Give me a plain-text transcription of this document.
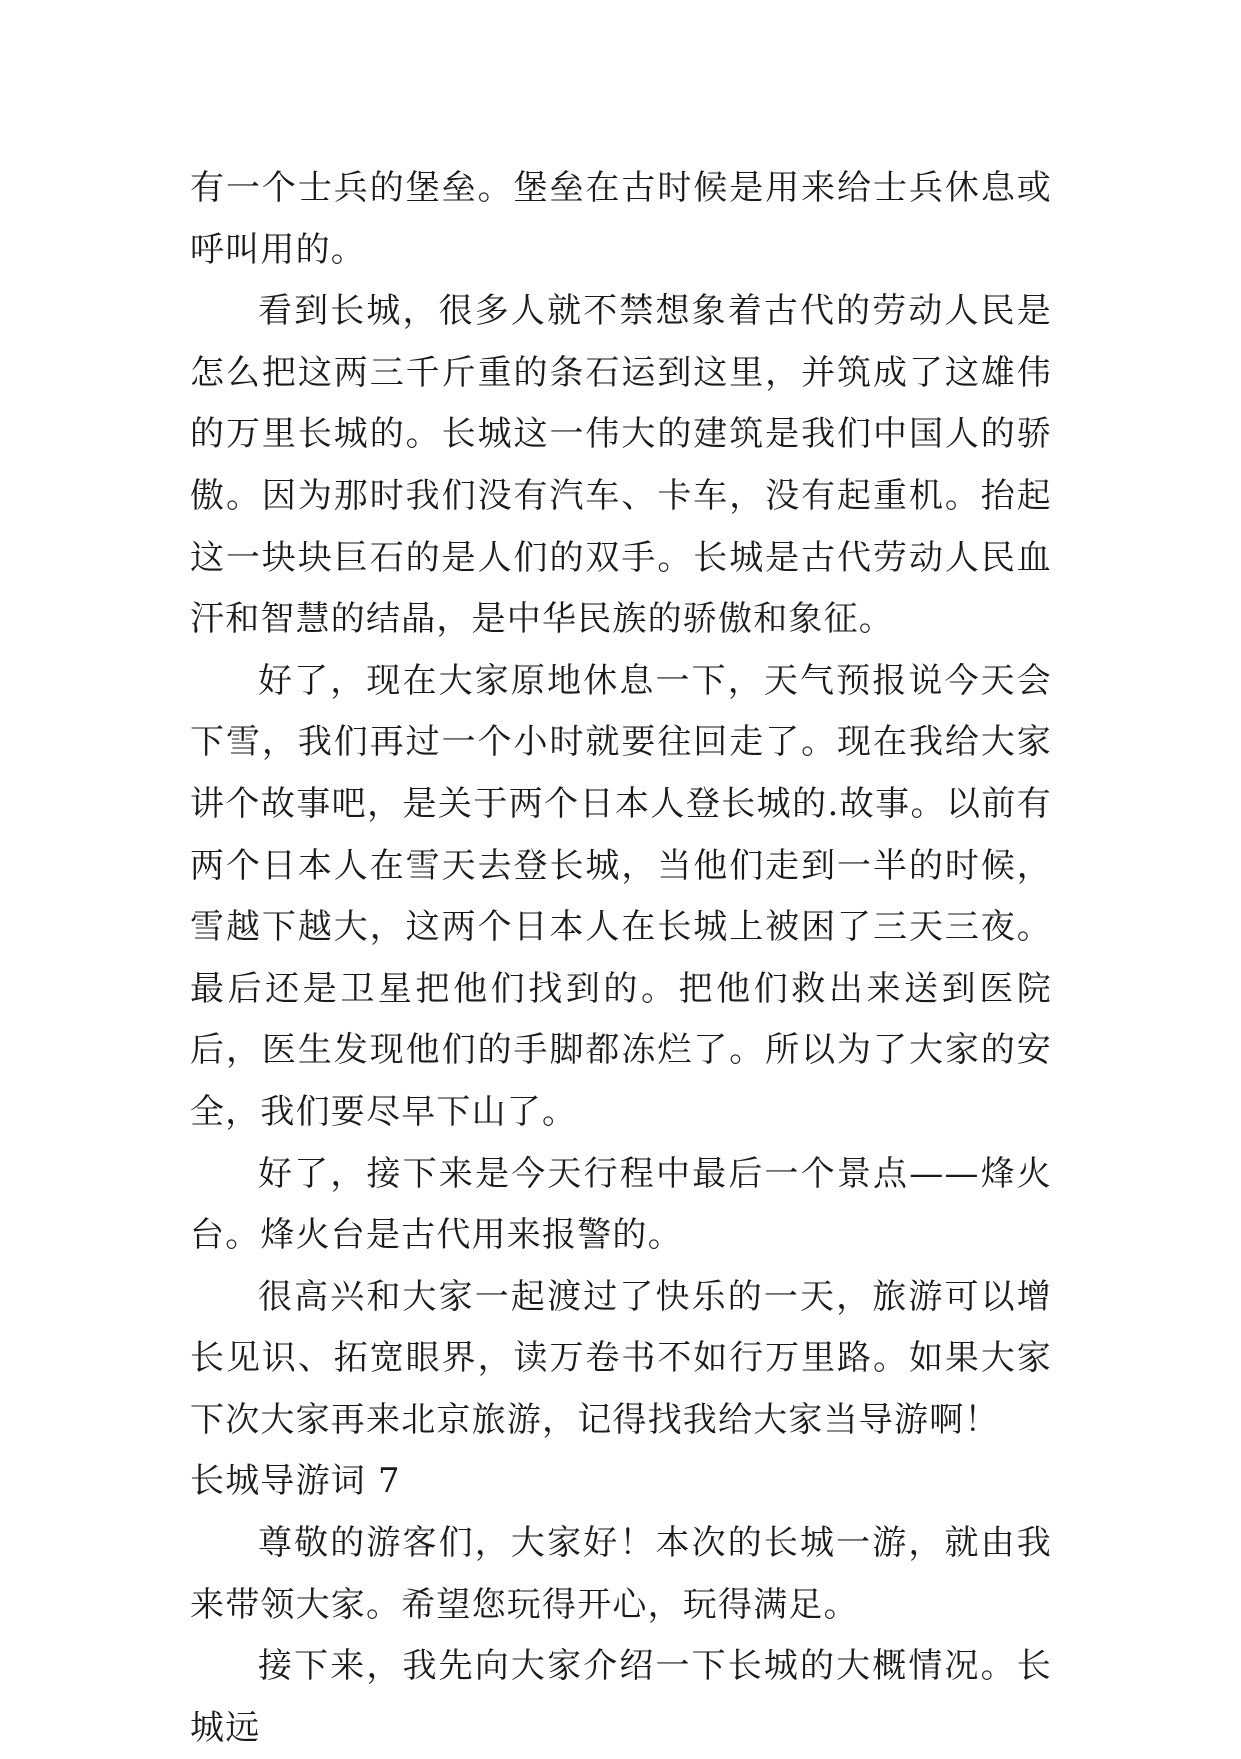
有一个士兵的堡垒。堡垒在古时候是用来给士兵休息或呼叫用的。

看到长城，很多人就不禁想象着古代的劳动人民是怎么把这两三千斤重的条石运到这里，并筑成了这雄伟的万里长城的。长城这一伟大的建筑是我们中国人的骄傲。因为那时我们没有汽车、卡车，没有起重机。抬起这一块块巨石的是人们的双手。长城是古代劳动人民血汗和智慧的结晶，是中华民族的骄傲和象征。

好了，现在大家原地休息一下，天气预报说今天会下雪，我们再过一个小时就要往回走了。现在我给大家讲个故事吧，是关于两个日本人登长城的.故事。以前有两个日本人在雪天去登长城，当他们走到一半的时候，雪越下越大，这两个日本人在长城上被困了三天三夜。最后还是卫星把他们找到的。把他们救出来送到医院后，医生发现他们的手脚都冻烂了。所以为了大家的安全，我们要尽早下山了。

好了，接下来是今天行程中最后一个景点——烽火台。烽火台是古代用来报警的。

很高兴和大家一起渡过了快乐的一天，旅游可以增长见识、拓宽眼界，读万卷书不如行万里路。如果大家下次大家再来北京旅游，记得找我给大家当导游啊！

长城导游词 7

尊敬的游客们，大家好！本次的长城一游，就由我来带领大家。希望您玩得开心，玩得满足。

接下来，我先向大家介绍一下长城的大概情况。长城远
